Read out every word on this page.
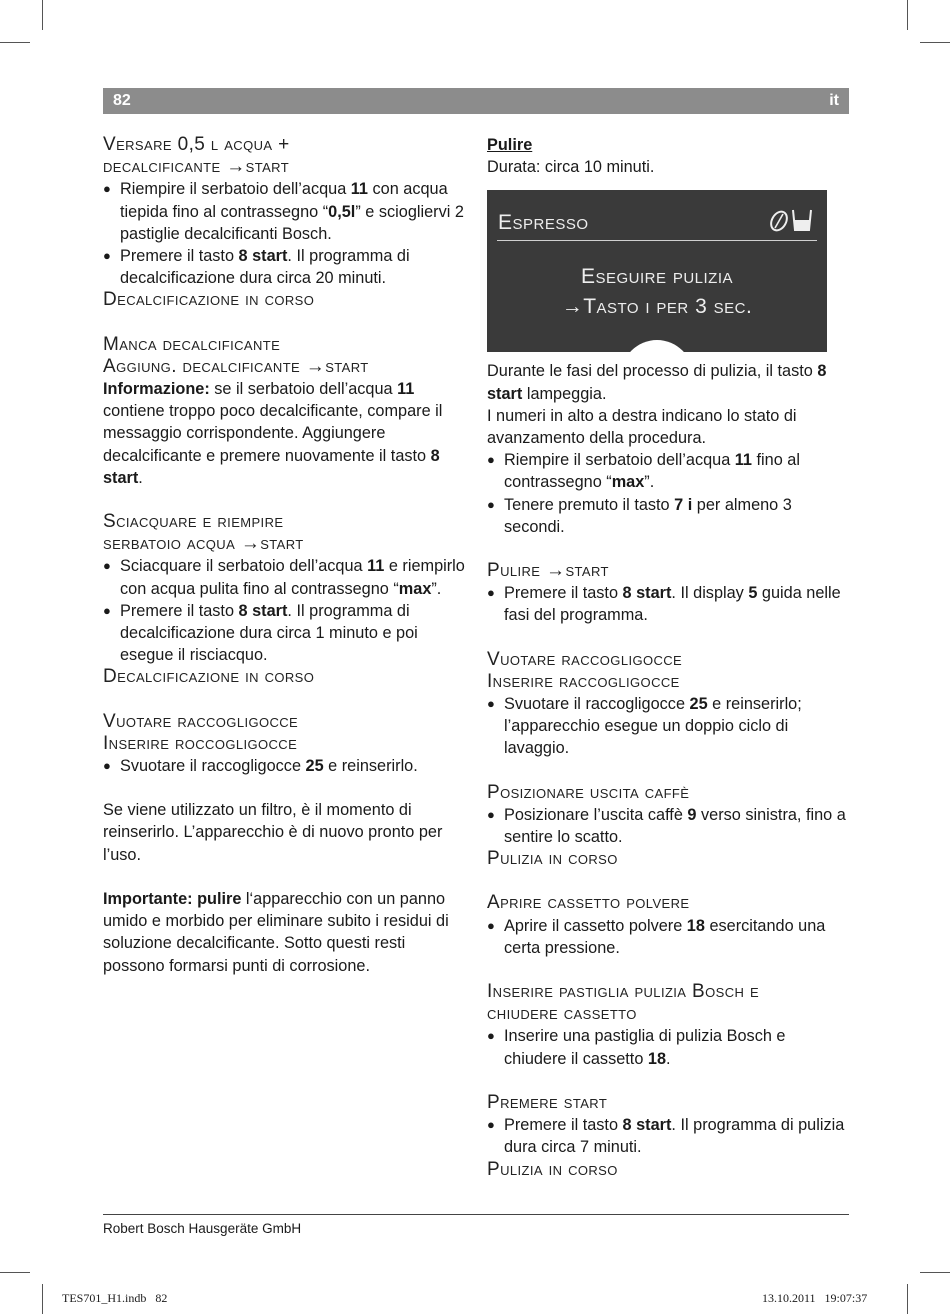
82	it
Versare 0,5 l acqua +
decalcificante →start
● Riempire il serbatoio dell’acqua 11 con acqua tiepida fino al contrassegno “0,5l” e sciogliervi 2 pastiglie decalcificanti Bosch.
● Premere il tasto 8 start. Il programma di decalcificazione dura circa 20 minuti.
Decalcificazione in corso
Manca decalcificante
Aggiung. decalcificante →start

Informazione: se il serbatoio dell’acqua 11 contiene troppo poco decalcificante, compare il messaggio corrispondente. Aggiungere decalcificante e premere nuovamente il tasto 8 start.

Sciacquare e riempire
serbatoio acqua →start
● Sciacquare il serbatoio dell’acqua 11 e riempirlo con acqua pulita fino al contrassegno “max”.
● Premere il tasto 8 start. Il programma di decalcificazione dura circa 1 minuto e poi esegue il risciacquo.
Decalcificazione in corso
Vuotare raccogligocce
Inserire roccogligocce
● Svuotare il raccogligocce 25 e reinserirlo.

Se viene utilizzato un filtro, è il momento di reinserirlo. L’apparecchio è di nuovo pronto per l’uso.

Importante: pulire l‘apparecchio con un panno umido e morbido per eliminare subito i residui di soluzione decalcificante. Sotto questi resti possono formarsi punti di corrosione.

Pulire

Durata: circa 10 minuti.

Espresso
Eseguire pulizia
→Tasto i per 3 sec.

Durante le fasi del processo di pulizia, il tasto 8 start lampeggia.

I numeri in alto a destra indicano lo stato di avanzamento della procedura.

● Riempire il serbatoio dell’acqua 11 fino al contrassegno “max”.
● Tenere premuto il tasto 7 i per almeno 3 secondi.
Pulire →start
● Premere il tasto 8 start. Il display 5 guida nelle fasi del programma.
Vuotare raccogligocce
Inserire raccogligocce
● Svuotare il raccogligocce 25 e reinserirlo; l’apparecchio esegue un doppio ciclo di lavaggio.
Posizionare uscita caffè
● Posizionare l’uscita caffè 9 verso sinistra, fino a sentire lo scatto.
Pulizia in corso
Aprire cassetto polvere
● Aprire il cassetto polvere 18 esercitando una certa pressione.
Inserire pastiglia pulizia Bosch e
chiudere cassetto
● Inserire una pastiglia di pulizia Bosch e chiudere il cassetto 18.
Premere start
● Premere il tasto 8 start. Il programma di pulizia dura circa 7 minuti.
Pulizia in corso
Robert Bosch Hausgeräte GmbH
TES701_H1.indb   82	13.10.2011   19:07:37
